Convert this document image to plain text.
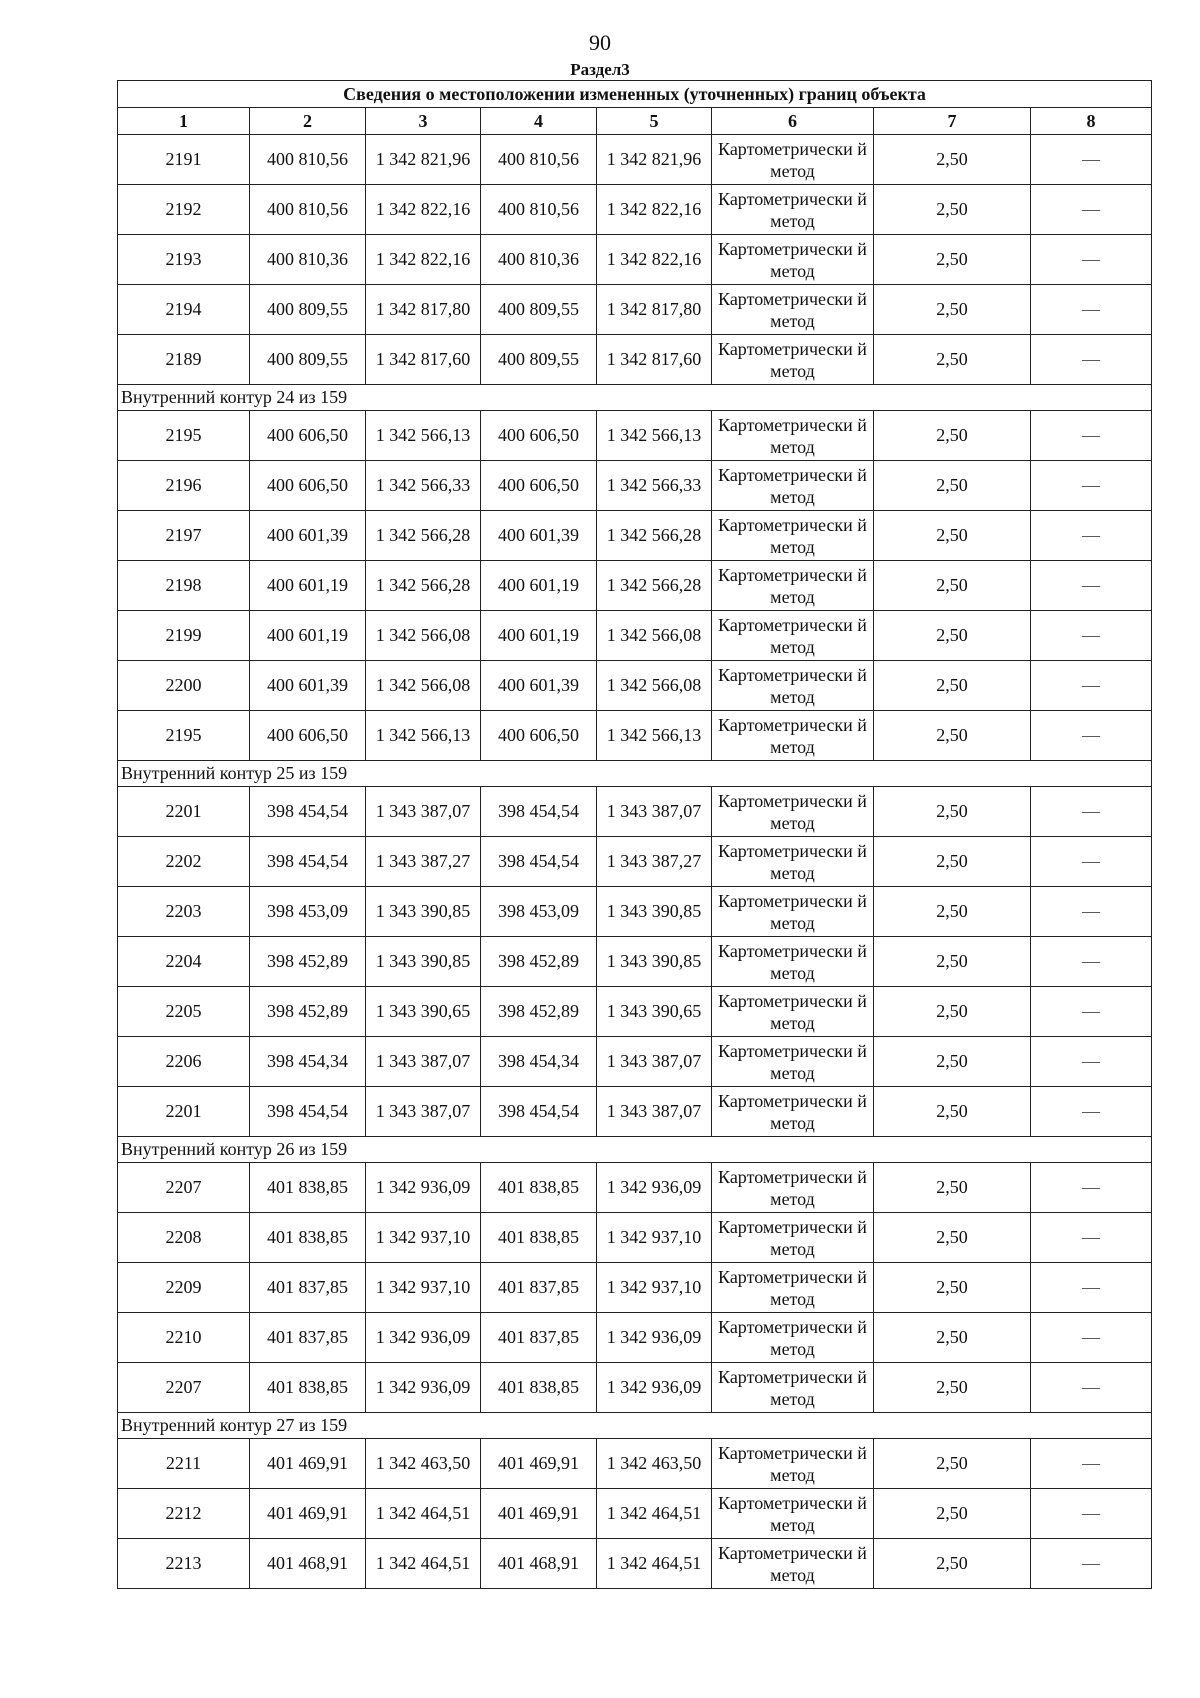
90
Раздел3
Сведения о местоположении измененных (уточненных) границ объекта							
1	2	3	4	5	6	7	8
2191	400 810,56	1 342 821,96	400 810,56	1 342 821,96	Картометрически й метод	2,50	—
2192	400 810,56	1 342 822,16	400 810,56	1 342 822,16	Картометрически й метод	2,50	—
2193	400 810,36	1 342 822,16	400 810,36	1 342 822,16	Картометрически й метод	2,50	—
2194	400 809,55	1 342 817,80	400 809,55	1 342 817,80	Картометрически й метод	2,50	—
2189	400 809,55	1 342 817,60	400 809,55	1 342 817,60	Картометрически й метод	2,50	—
Внутренний контур 24 из 159							
2195	400 606,50	1 342 566,13	400 606,50	1 342 566,13	Картометрически й метод	2,50	—
2196	400 606,50	1 342 566,33	400 606,50	1 342 566,33	Картометрически й метод	2,50	—
2197	400 601,39	1 342 566,28	400 601,39	1 342 566,28	Картометрически й метод	2,50	—
2198	400 601,19	1 342 566,28	400 601,19	1 342 566,28	Картометрически й метод	2,50	—
2199	400 601,19	1 342 566,08	400 601,19	1 342 566,08	Картометрически й метод	2,50	—
2200	400 601,39	1 342 566,08	400 601,39	1 342 566,08	Картометрически й метод	2,50	—
2195	400 606,50	1 342 566,13	400 606,50	1 342 566,13	Картометрически й метод	2,50	—
Внутренний контур 25 из 159							
2201	398 454,54	1 343 387,07	398 454,54	1 343 387,07	Картометрически й метод	2,50	—
2202	398 454,54	1 343 387,27	398 454,54	1 343 387,27	Картометрически й метод	2,50	—
2203	398 453,09	1 343 390,85	398 453,09	1 343 390,85	Картометрически й метод	2,50	—
2204	398 452,89	1 343 390,85	398 452,89	1 343 390,85	Картометрически й метод	2,50	—
2205	398 452,89	1 343 390,65	398 452,89	1 343 390,65	Картометрически й метод	2,50	—
2206	398 454,34	1 343 387,07	398 454,34	1 343 387,07	Картометрически й метод	2,50	—
2201	398 454,54	1 343 387,07	398 454,54	1 343 387,07	Картометрически й метод	2,50	—
Внутренний контур 26 из 159							
2207	401 838,85	1 342 936,09	401 838,85	1 342 936,09	Картометрически й метод	2,50	—
2208	401 838,85	1 342 937,10	401 838,85	1 342 937,10	Картометрически й метод	2,50	—
2209	401 837,85	1 342 937,10	401 837,85	1 342 937,10	Картометрически й метод	2,50	—
2210	401 837,85	1 342 936,09	401 837,85	1 342 936,09	Картометрически й метод	2,50	—
2207	401 838,85	1 342 936,09	401 838,85	1 342 936,09	Картометрически й метод	2,50	—
Внутренний контур 27 из 159							
2211	401 469,91	1 342 463,50	401 469,91	1 342 463,50	Картометрически й метод	2,50	—
2212	401 469,91	1 342 464,51	401 469,91	1 342 464,51	Картометрически й метод	2,50	—
2213	401 468,91	1 342 464,51	401 468,91	1 342 464,51	Картометрически й метод	2,50	—
